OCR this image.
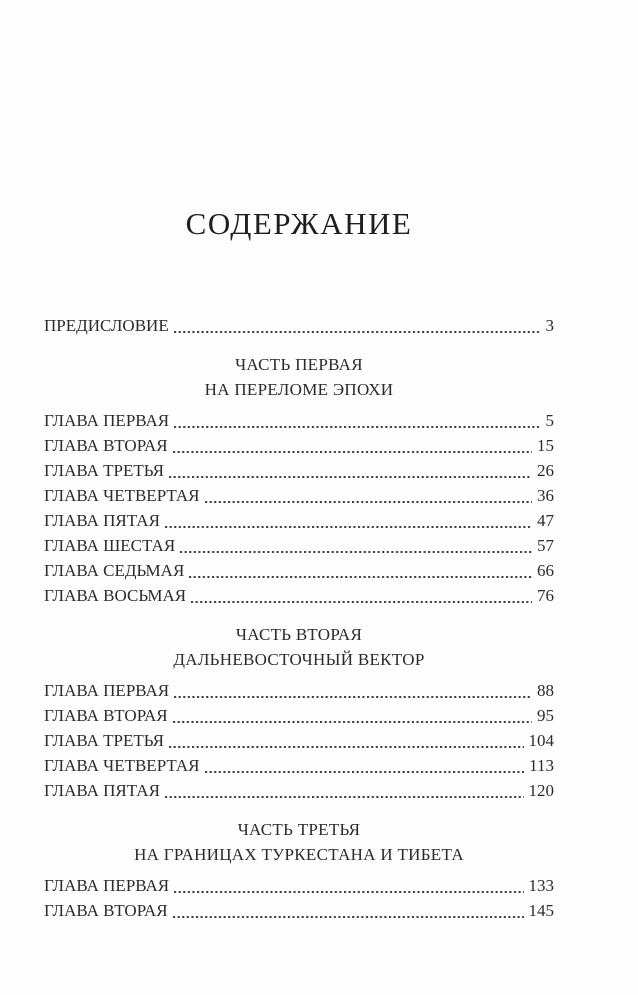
СОДЕРЖАНИЕ
ПРЕДИСЛОВИЕ	3
ЧАСТЬ ПЕРВАЯ
НА ПЕРЕЛОМЕ ЭПОХИ
ГЛАВА ПЕРВАЯ	5
ГЛАВА ВТОРАЯ	15
ГЛАВА ТРЕТЬЯ	26
ГЛАВА ЧЕТВЕРТАЯ	36
ГЛАВА ПЯТАЯ	47
ГЛАВА ШЕСТАЯ	57
ГЛАВА СЕДЬМАЯ	66
ГЛАВА ВОСЬМАЯ	76
ЧАСТЬ ВТОРАЯ
ДАЛЬНЕВОСТОЧНЫЙ ВЕКТОР
ГЛАВА ПЕРВАЯ	88
ГЛАВА ВТОРАЯ	95
ГЛАВА ТРЕТЬЯ	104
ГЛАВА ЧЕТВЕРТАЯ	113
ГЛАВА ПЯТАЯ	120
ЧАСТЬ ТРЕТЬЯ
НА ГРАНИЦАХ ТУРКЕСТАНА И ТИБЕТА
ГЛАВА ПЕРВАЯ	133
ГЛАВА ВТОРАЯ	145
